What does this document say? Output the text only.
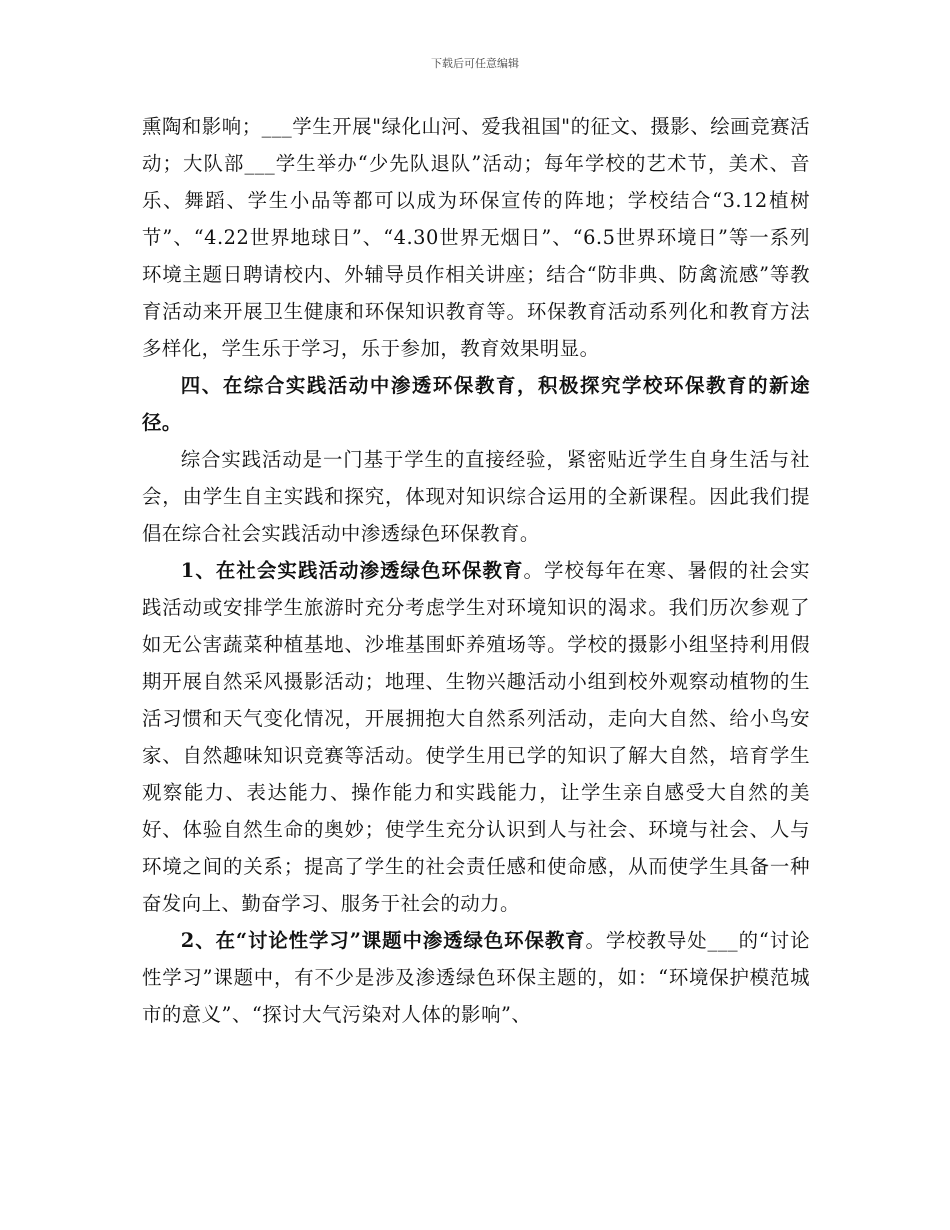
下载后可任意编辑

熏陶和影响；___学生开展"绿化山河、爱我祖国"的征文、摄影、绘画竞赛活动；大队部___学生举办“少先队退队”活动；每年学校的艺术节，美术、音乐、舞蹈、学生小品等都可以成为环保宣传的阵地；学校结合“3.12植树节”、“4.22世界地球日”、“4.30世界无烟日”、“6.5世界环境日”等一系列环境主题日聘请校内、外辅导员作相关讲座；结合“防非典、防禽流感”等教育活动来开展卫生健康和环保知识教育等。环保教育活动系列化和教育方法多样化，学生乐于学习，乐于参加，教育效果明显。

四、在综合实践活动中渗透环保教育，积极探究学校环保教育的新途径。

综合实践活动是一门基于学生的直接经验，紧密贴近学生自身生活与社会，由学生自主实践和探究，体现对知识综合运用的全新课程。因此我们提倡在综合社会实践活动中渗透绿色环保教育。

1、在社会实践活动渗透绿色环保教育。学校每年在寒、暑假的社会实践活动或安排学生旅游时充分考虑学生对环境知识的渴求。我们历次参观了如无公害蔬菜种植基地、沙堆基围虾养殖场等。学校的摄影小组坚持利用假期开展自然采风摄影活动；地理、生物兴趣活动小组到校外观察动植物的生活习惯和天气变化情况，开展拥抱大自然系列活动，走向大自然、给小鸟安家、自然趣味知识竞赛等活动。使学生用已学的知识了解大自然，培育学生观察能力、表达能力、操作能力和实践能力，让学生亲自感受大自然的美好、体验自然生命的奥妙；使学生充分认识到人与社会、环境与社会、人与环境之间的关系；提高了学生的社会责任感和使命感，从而使学生具备一种奋发向上、勤奋学习、服务于社会的动力。

2、在“讨论性学习”课题中渗透绿色环保教育。学校教导处___的“讨论性学习”课题中，有不少是涉及渗透绿色环保主题的，如：“环境保护模范城市的意义”、“探讨大气污染对人体的影响”、
